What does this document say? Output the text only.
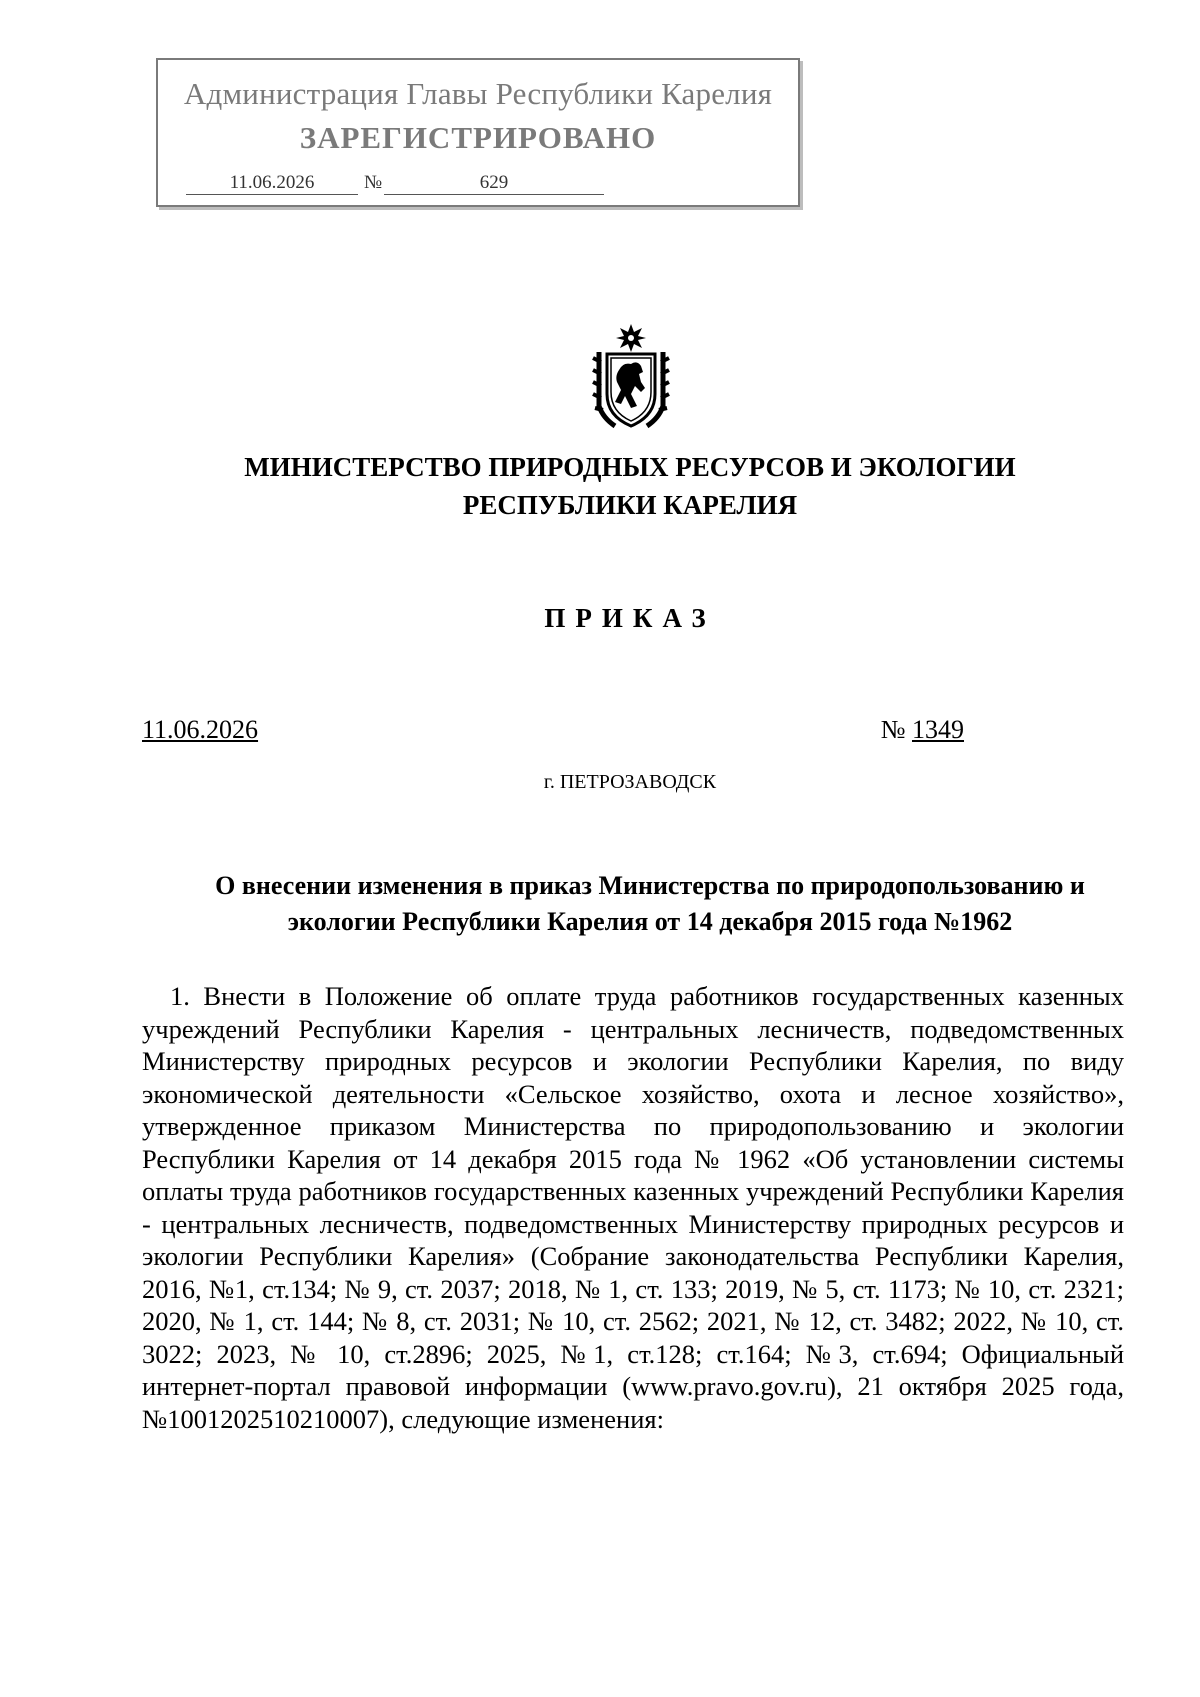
Администрация Главы Республики Карелия
ЗАРЕГИСТРИРОВАНО
11.06.2026	№	629
МИНИСТЕРСТВО ПРИРОДНЫХ РЕСУРСОВ И ЭКОЛОГИИ
РЕСПУБЛИКИ КАРЕЛИЯ
ПРИКАЗ
11.06.2026	№ 1349
г. ПЕТРОЗАВОДСК
О внесении изменения в приказ Министерства по природопользованию и
экологии Республики Карелия от 14 декабря 2015 года №1962

1. Внести в Положение об оплате труда работников государственных казенных учреждений Республики Карелия - центральных лесничеств, подведомственных Министерству природных ресурсов и экологии Республики Карелия, по виду экономической деятельности «Сельское хозяйство, охота и лесное хозяйство», утвержденное приказом Министерства по природопользованию и экологии Республики Карелия от 14 декабря 2015 года № 1962 «Об установлении системы оплаты труда работников государственных казенных учреждений Республики Карелия - центральных лесничеств, подведомственных Министерству природных ресурсов и экологии Республики Карелия» (Собрание законодательства Республики Карелия, 2016, №1, ст.134; № 9, ст. 2037; 2018, № 1, ст. 133; 2019, № 5, ст. 1173; № 10, ст. 2321; 2020, № 1, ст. 144; № 8, ст. 2031; № 10, ст. 2562; 2021, № 12, ст. 3482; 2022, № 10, ст. 3022; 2023, № 10, ст.2896; 2025, №1, ст.128; ст.164; №3, ст.694; Официальный интернет-портал правовой информации (www.pravo.gov.ru), 21 октября 2025 года, №1001202510210007), следующие изменения:
